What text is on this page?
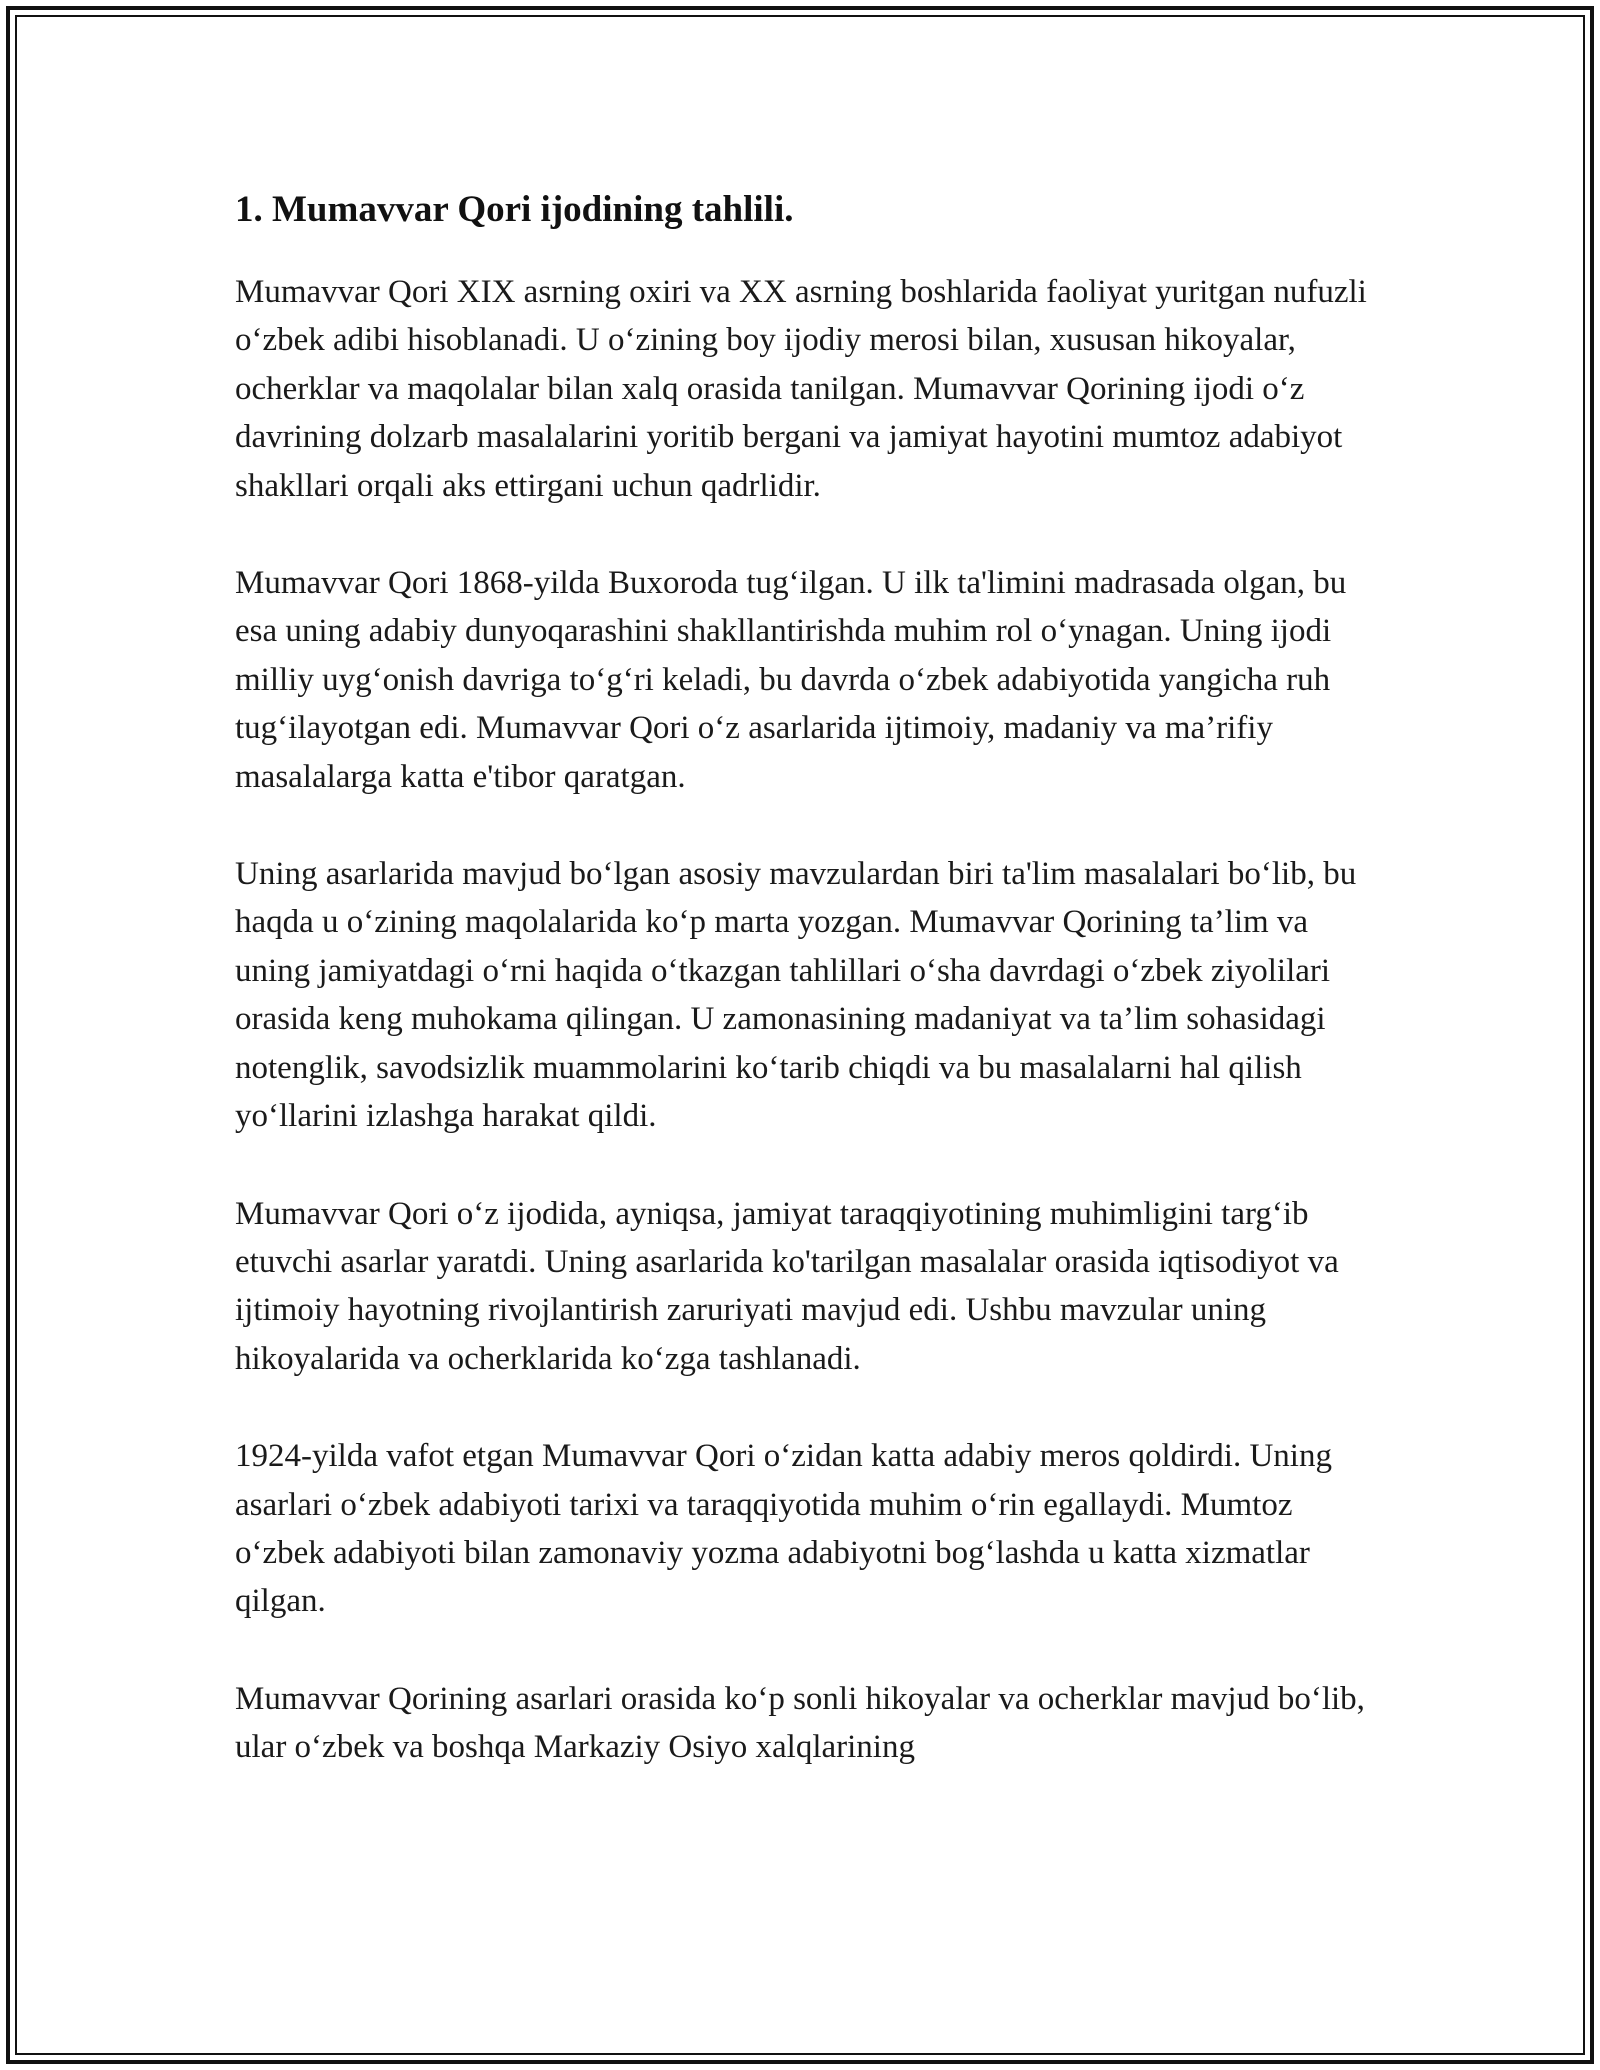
1. Mumavvar Qori ijodining tahlili.

Mumavvar Qori XIX asrning oxiri va XX asrning boshlarida faoliyat yuritgan nufuzli o‘zbek adibi hisoblanadi. U o‘zining boy ijodiy merosi bilan, xususan hikoyalar, ocherklar va maqolalar bilan xalq orasida tanilgan. Mumavvar Qorining ijodi o‘z davrining dolzarb masalalarini yoritib bergani va jamiyat hayotini mumtoz adabiyot shakllari orqali aks ettirgani uchun qadrlidir.

Mumavvar Qori 1868-yilda Buxoroda tug‘ilgan. U ilk ta'limini madrasada olgan, bu esa uning adabiy dunyoqarashini shakllantirishda muhim rol o‘ynagan. Uning ijodi milliy uyg‘onish davriga to‘g‘ri keladi, bu davrda o‘zbek adabiyotida yangicha ruh tug‘ilayotgan edi. Mumavvar Qori o‘z asarlarida ijtimoiy, madaniy va ma’rifiy masalalarga katta e'tibor qaratgan.

Uning asarlarida mavjud bo‘lgan asosiy mavzulardan biri ta'lim masalalari bo‘lib, bu haqda u o‘zining maqolalarida ko‘p marta yozgan. Mumavvar Qorining ta’lim va uning jamiyatdagi o‘rni haqida o‘tkazgan tahlillari o‘sha davrdagi o‘zbek ziyolilari orasida keng muhokama qilingan. U zamonasining madaniyat va ta’lim sohasidagi notenglik, savodsizlik muammolarini ko‘tarib chiqdi va bu masalalarni hal qilish yo‘llarini izlashga harakat qildi.

Mumavvar Qori o‘z ijodida, ayniqsa, jamiyat taraqqiyotining muhimligini targ‘ib etuvchi asarlar yaratdi. Uning asarlarida ko'tarilgan masalalar orasida iqtisodiyot va ijtimoiy hayotning rivojlantirish zaruriyati mavjud edi. Ushbu mavzular uning hikoyalarida va ocherklarida ko‘zga tashlanadi.

1924-yilda vafot etgan Mumavvar Qori o‘zidan katta adabiy meros qoldirdi. Uning asarlari o‘zbek adabiyoti tarixi va taraqqiyotida muhim o‘rin egallaydi. Mumtoz o‘zbek adabiyoti bilan zamonaviy yozma adabiyotni bog‘lashda u katta xizmatlar qilgan.

Mumavvar Qorining asarlari orasida ko‘p sonli hikoyalar va ocherklar mavjud bo‘lib, ular o‘zbek va boshqa Markaziy Osiyo xalqlarining
